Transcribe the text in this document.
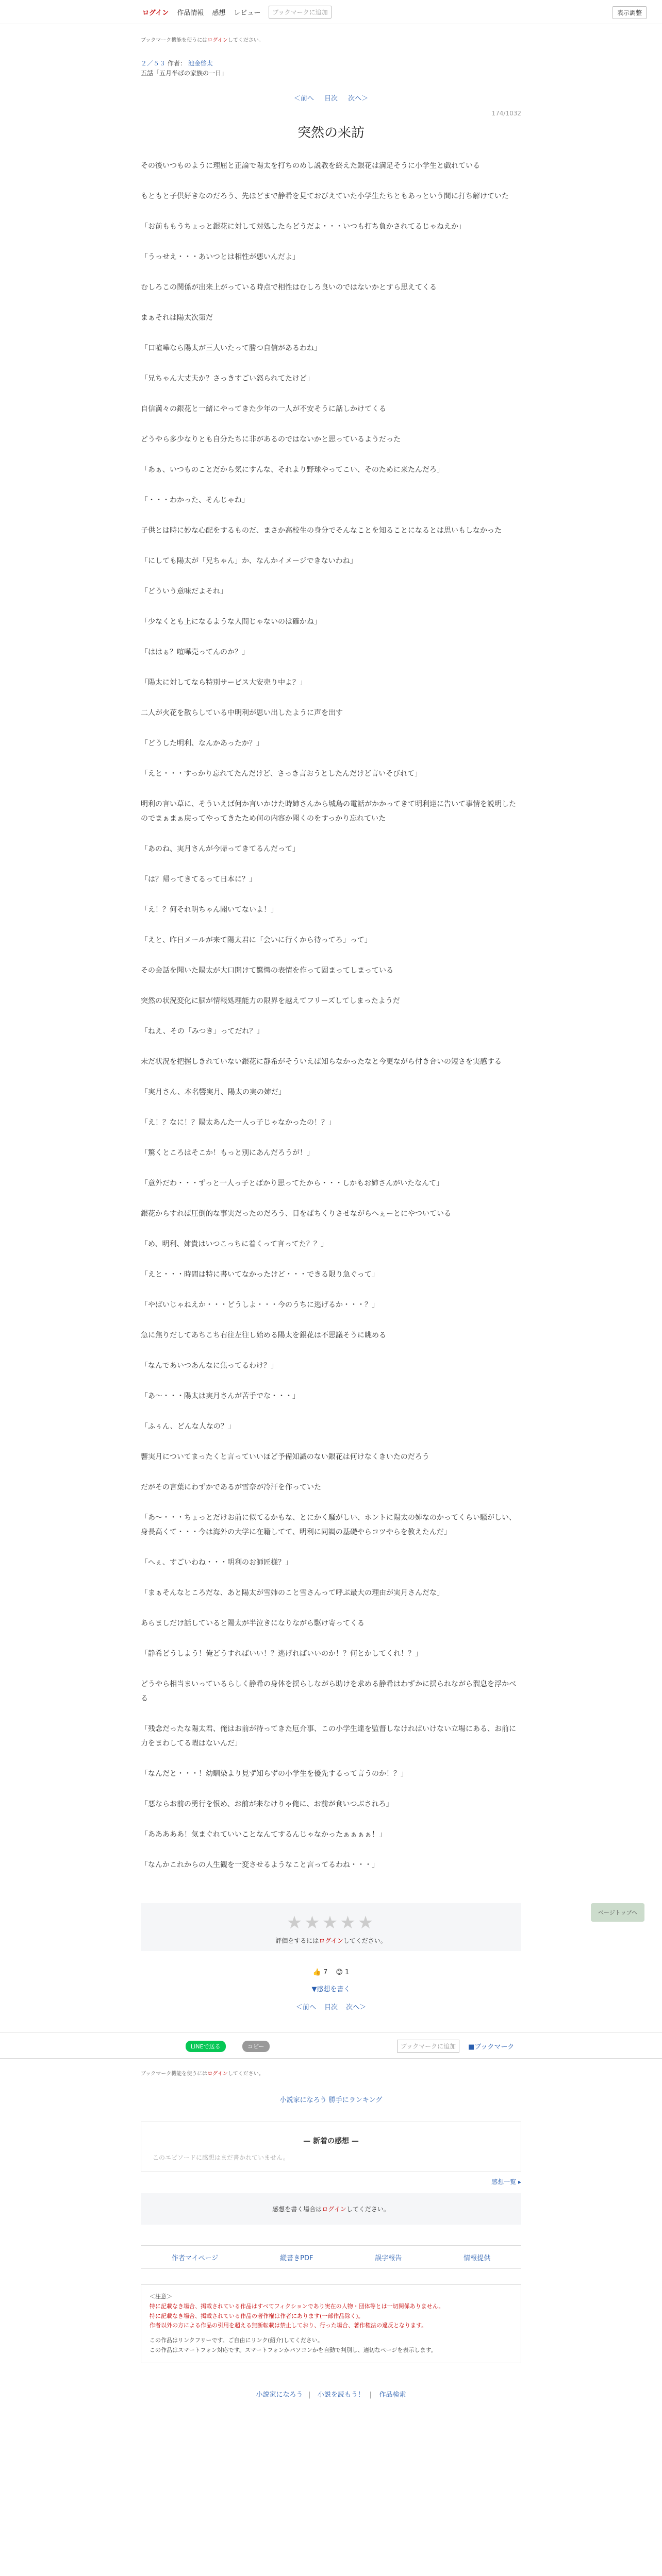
ログイン 作品情報 感想 レビュー	ブックマークに追加	表示調整
ブックマーク機能を使うにはログインしてください。
２／５３ 作者： 池金啓太
五話「五月半ばの家族の一日」
＜前へ 目次 次へ＞
174/1032
突然の来訪

その後いつものように理屈と正論で陽太を打ちのめし説教を終えた銀花は満足そうに小学生と戯れている

もともと子供好きなのだろう、先ほどまで静希を見ておびえていた小学生たちともあっという間に打ち解けていた

「お前ももうちょっと銀花に対して対処したらどうだよ・・・いつも打ち負かされてるじゃねえか」

「うっせえ・・・あいつとは相性が悪いんだよ」

むしろこの関係が出来上がっている時点で相性はむしろ良いのではないかとすら思えてくる

まぁそれは陽太次第だ

「口喧嘩なら陽太が三人いたって勝つ自信があるわね」

「兄ちゃん大丈夫か？さっきすごい怒られてたけど」

自信満々の銀花と一緒にやってきた少年の一人が不安そうに話しかけてくる

どうやら多少なりとも自分たちに非があるのではないかと思っているようだった

「あぁ、いつものことだから気にすんな、それより野球やってこい、そのために来たんだろ」

「・・・わかった、そんじゃね」

子供とは時に妙な心配をするものだ、まさか高校生の身分でそんなことを知ることになるとは思いもしなかった

「にしても陽太が「兄ちゃん」か、なんかイメージできないわね」

「どういう意味だよそれ」

「少なくとも上になるような人間じゃないのは確かね」

「ははぁ？喧嘩売ってんのか？」

「陽太に対してなら特別サービス大安売り中よ？」

二人が火花を散らしている中明利が思い出したように声を出す

「どうした明利、なんかあったか？」

「えと・・・すっかり忘れてたんだけど、さっき言おうとしたんだけど言いそびれて」

明利の言い草に、そういえば何か言いかけた時姉さんから城島の電話がかかってきて明利達に告いて事情を説明したのでまぁまぁ戻ってやってきたため何の内容か聞くのをすっかり忘れていた

「あのね、実月さんが今帰ってきてるんだって」

「は？帰ってきてるって日本に？」

「え！？何それ明ちゃん聞いてないよ！」

「えと、昨日メールが来て陽太君に「会いに行くから待ってろ」って」

その会話を聞いた陽太が大口開けて驚愕の表情を作って固まってしまっている

突然の状況変化に脳が情報処理能力の限界を越えてフリーズしてしまったようだ

「ねえ、その「みつき」ってだれ？」

未だ状況を把握しきれていない銀花に静希がそういえば知らなかったなと今更ながら付き合いの短さを実感する

「実月さん、本名響実月、陽太の実の姉だ」

「え！？なに！？陽太あんた一人っ子じゃなかったの！？」

「驚くところはそこか！もっと別にあんだろうが！」

「意外だわ・・・ずっと一人っ子とばかり思ってたから・・・しかもお姉さんがいたなんて」

銀花からすれば圧倒的な事実だったのだろう、目をぱちくりさせながらへぇーとにやついている

「め、明利、姉貴はいつこっちに着くって言ってた？？」

「えと・・・時間は特に書いてなかったけど・・・できる限り急ぐって」

「やばいじゃねえか・・・どうしよ・・・今のうちに逃げるか・・・？」

急に焦りだしてあちこち右往左往し始める陽太を銀花は不思議そうに眺める

「なんであいつあんなに焦ってるわけ？」

「あ～・・・陽太は実月さんが苦手でな・・・」

「ふぅん、どんな人なの？」

響実月についてまったくと言っていいほど予備知識のない銀花は何けなくきいたのだろう

だがその言葉にわずかであるが雪奈が冷汗を作っていた

「あ～・・・ちょっとだけお前に似てるかもな、とにかく騒がしい、ホントに陽太の姉なのかってくらい騒がしい、身長高くて・・・今は海外の大学に在籍してて、明利に同調の基礎やらコツやらを教えたんだ」

「へぇ、すごいわね・・・明利のお師匠様？」

「まぁそんなところだな、あと陽太が雪姉のこと雪さんって呼ぶ最大の理由が実月さんだな」

あらましだけ話していると陽太が半泣きになりながら駆け寄ってくる

「静希どうしよう！俺どうすればいい！？逃げればいいのか！？何とかしてくれ！？」

どうやら相当まいっているらしく静希の身体を揺らしながら助けを求める静希はわずかに揺られながら溜息を浮かべる

「残念だったな陽太君、俺はお前が待ってきた厄介事、この小学生達を監督しなければいけない立場にある、お前に力をまわしてる暇はないんだ」

「なんだと・・・！幼馴染より見ず知らずの小学生を優先するって言うのか！？」

「悪ならお前の勇行を恨め、お前が来なけりゃ俺に、お前が食いつぶされろ」

「あああああ！気まぐれていいことなんてするんじゃなかったぁぁぁぁ！」

「なんかこれからの人生観を一変させるようなこと言ってるわね・・・」

★★★★★
評価をするにはログインしてください。
👍 7 😊 1
▼感想を書く
＜前へ 目次 次へ＞
LINEで送る	コピー	ブックマークに追加	■ブックマーク
ブックマーク機能を使うにはログインしてください。
小説家になろう 勝手にランキング
— 新着の感想 —
このエピソードに感想はまだ書かれていません。
感想一覧 ▸
感想を書く場合はログインしてください。
作者マイページ	縦書きPDF	誤字報告	情報提供
＜注意＞
特に記載なき場合、掲載されている作品はすべてフィクションであり実在の人物・団体等とは一切関係ありません。
特に記載なき場合、掲載されている作品の著作権は作者にあります(一部作品除く)。
作者以外の方による作品の引用を超える無断転載は禁止しており、行った場合、著作権法の違反となります。
この作品はリンクフリーです。ご自由にリンク(紹介)してください。
この作品はスマートフォン対応です。スマートフォンかパソコンかを自動で判別し、適切なページを表示します。
小説家になろう | 小説を読もう！ | 作品検索
ページトップへ
